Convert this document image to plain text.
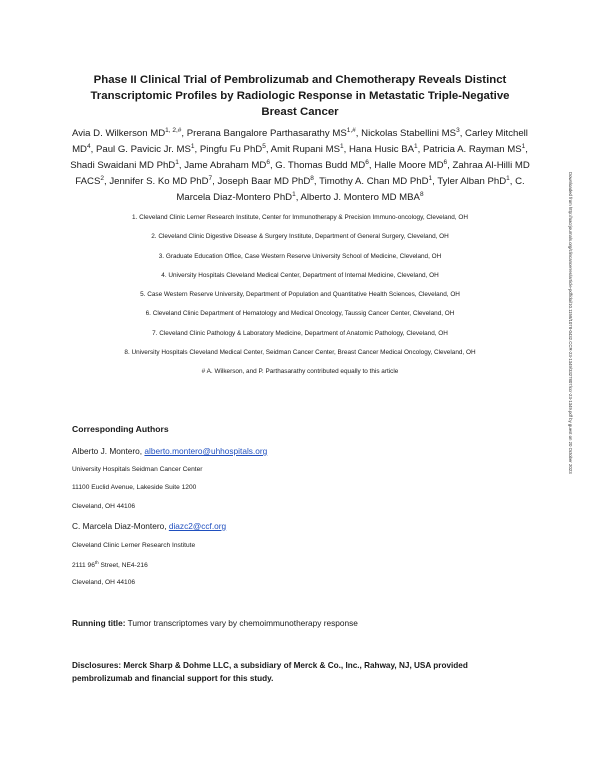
Phase II Clinical Trial of Pembrolizumab and Chemotherapy Reveals Distinct Transcriptomic Profiles by Radiologic Response in Metastatic Triple-Negative Breast Cancer
Avia D. Wilkerson $MD^{1, 2,\#}$, Prerana Bangalore Parthasarathy $MS^{1,\#}$, Nickolas Stabellini $MS^3$, Carley Mitchell $MD^4$, Paul G. Pavicic Jr. $MS^1$, Pingfu Fu PhD$^5$, Amit Rupani $MS^1$, Hana Husic $BA^1$, Patricia A. Rayman $MS^1$, Shadi Swaidani MD PhD$^1$, Jame Abraham $MD^6$, G. Thomas Budd $MD^6$, Halle Moore $MD^6$, Zahraa Al-Hilli MD FACS$^2$, Jennifer S. Ko MD PhD$^7$, Joseph Baar MD PhD$^8$, Timothy A. Chan MD PhD$^1$, Tyler Alban PhD$^1$, C. Marcela Diaz-Montero PhD$^1$, Alberto J. Montero MD MBA$^8$
1. Cleveland Clinic Lerner Research Institute, Center for Immunotherapy & Precision Immuno-oncology, Cleveland, OH
2. Cleveland Clinic Digestive Disease & Surgery Institute, Department of General Surgery, Cleveland, OH
3. Graduate Education Office, Case Western Reserve University School of Medicine, Cleveland, OH
4. University Hospitals Cleveland Medical Center, Department of Internal Medicine, Cleveland, OH
5. Case Western Reserve University, Department of Population and Quantitative Health Sciences, Cleveland, OH
6. Cleveland Clinic Department of Hematology and Medical Oncology, Taussig Cancer Center, Cleveland, OH
7. Cleveland Clinic Pathology & Laboratory Medicine, Department of Anatomic Pathology, Cleveland, OH
8. University Hospitals Cleveland Medical Center, Seidman Cancer Center, Breast Cancer Medical Oncology, Cleveland, OH
# A. Wilkerson, and P. Parthasarathy contributed equally to this article	Downloaded from http://aacrjournals.org/clincancerres/article-pdf/doi/10.1158/1078-0432.CCR-23-1349/3327807/ccr-23-1349.pdf by guest on 20 October 2023
Corresponding Authors
Alberto J. Montero, alberto.montero@uhhospitals.org
University Hospitals Seidman Cancer Center
11100 Euclid Avenue, Lakeside Suite 1200
Cleveland, OH 44106
C. Marcela Diaz-Montero, diazc2@ccf.org
Cleveland Clinic Lerner Research Institute
2111 96th Street, NE4-216
Cleveland, OH 44106
Running title: Tumor transcriptomes vary by chemoimmunotherapy response
Disclosures: Merck Sharp & Dohme LLC, a subsidiary of Merck & Co., Inc., Rahway, NJ, USA provided pembrolizumab and financial support for this study.
